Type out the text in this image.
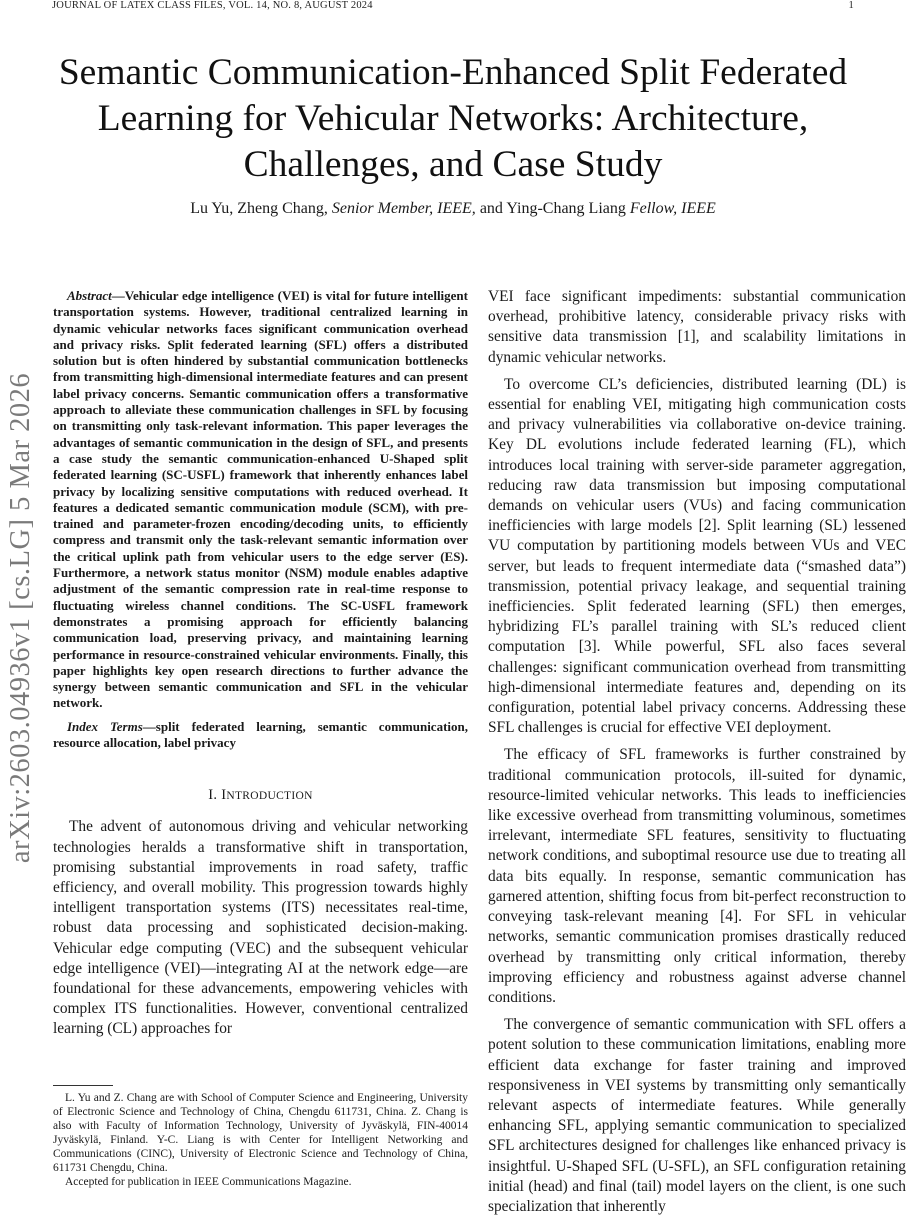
JOURNAL OF LATEX CLASS FILES, VOL. 14, NO. 8, AUGUST 2024	1
Semantic Communication-Enhanced Split Federated Learning for Vehicular Networks: Architecture, Challenges, and Case Study
Lu Yu, Zheng Chang, Senior Member, IEEE, and Ying-Chang Liang Fellow, IEEE
arXiv:2603.04936v1 [cs.LG] 5 Mar 2026

Abstract—Vehicular edge intelligence (VEI) is vital for future intelligent transportation systems. However, traditional centralized learning in dynamic vehicular networks faces significant communication overhead and privacy risks. Split federated learning (SFL) offers a distributed solution but is often hindered by substantial communication bottlenecks from transmitting high-dimensional intermediate features and can present label privacy concerns. Semantic communication offers a transformative approach to alleviate these communication challenges in SFL by focusing on transmitting only task-relevant information. This paper leverages the advantages of semantic communication in the design of SFL, and presents a case study the semantic communication-enhanced U-Shaped split federated learning (SC-USFL) framework that inherently enhances label privacy by localizing sensitive computations with reduced overhead. It features a dedicated semantic communication module (SCM), with pre-trained and parameter-frozen encoding/decoding units, to efficiently compress and transmit only the task-relevant semantic information over the critical uplink path from vehicular users to the edge server (ES). Furthermore, a network status monitor (NSM) module enables adaptive adjustment of the semantic compression rate in real-time response to fluctuating wireless channel conditions. The SC-USFL framework demonstrates a promising approach for efficiently balancing communication load, preserving privacy, and maintaining learning performance in resource-constrained vehicular environments. Finally, this paper highlights key open research directions to further advance the synergy between semantic communication and SFL in the vehicular network.

Index Terms—split federated learning, semantic communication, resource allocation, label privacy

I. INTRODUCTION

The advent of autonomous driving and vehicular networking technologies heralds a transformative shift in transportation, promising substantial improvements in road safety, traffic efficiency, and overall mobility. This progression towards highly intelligent transportation systems (ITS) necessitates real-time, robust data processing and sophisticated decision-making. Vehicular edge computing (VEC) and the subsequent vehicular edge intelligence (VEI)—integrating AI at the network edge—are foundational for these advancements, empowering vehicles with complex ITS functionalities. However, conventional centralized learning (CL) approaches for

L. Yu and Z. Chang are with School of Computer Science and Engineering, University of Electronic Science and Technology of China, Chengdu 611731, China. Z. Chang is also with Faculty of Information Technology, University of Jyväskylä, FIN-40014 Jyväskylä, Finland. Y-C. Liang is with Center for Intelligent Networking and Communications (CINC), University of Electronic Science and Technology of China, 611731 Chengdu, China.

Accepted for publication in IEEE Communications Magazine.

VEI face significant impediments: substantial communication overhead, prohibitive latency, considerable privacy risks with sensitive data transmission [1], and scalability limitations in dynamic vehicular networks.

To overcome CL’s deficiencies, distributed learning (DL) is essential for enabling VEI, mitigating high communication costs and privacy vulnerabilities via collaborative on-device training. Key DL evolutions include federated learning (FL), which introduces local training with server-side parameter aggregation, reducing raw data transmission but imposing computational demands on vehicular users (VUs) and facing communication inefficiencies with large models [2]. Split learning (SL) lessened VU computation by partitioning models between VUs and VEC server, but leads to frequent intermediate data (“smashed data”) transmission, potential privacy leakage, and sequential training inefficiencies. Split federated learning (SFL) then emerges, hybridizing FL’s parallel training with SL’s reduced client computation [3]. While powerful, SFL also faces several challenges: significant communication overhead from transmitting high-dimensional intermediate features and, depending on its configuration, potential label privacy concerns. Addressing these SFL challenges is crucial for effective VEI deployment.

The efficacy of SFL frameworks is further constrained by traditional communication protocols, ill-suited for dynamic, resource-limited vehicular networks. This leads to inefficiencies like excessive overhead from transmitting voluminous, sometimes irrelevant, intermediate SFL features, sensitivity to fluctuating network conditions, and suboptimal resource use due to treating all data bits equally. In response, semantic communication has garnered attention, shifting focus from bit-perfect reconstruction to conveying task-relevant meaning [4]. For SFL in vehicular networks, semantic communication promises drastically reduced overhead by transmitting only critical information, thereby improving efficiency and robustness against adverse channel conditions.

The convergence of semantic communication with SFL offers a potent solution to these communication limitations, enabling more efficient data exchange for faster training and improved responsiveness in VEI systems by transmitting only semantically relevant aspects of intermediate features. While generally enhancing SFL, applying semantic communication to specialized SFL architectures designed for challenges like enhanced privacy is insightful. U-Shaped SFL (U-SFL), an SFL configuration retaining initial (head) and final (tail) model layers on the client, is one such specialization that inherently
